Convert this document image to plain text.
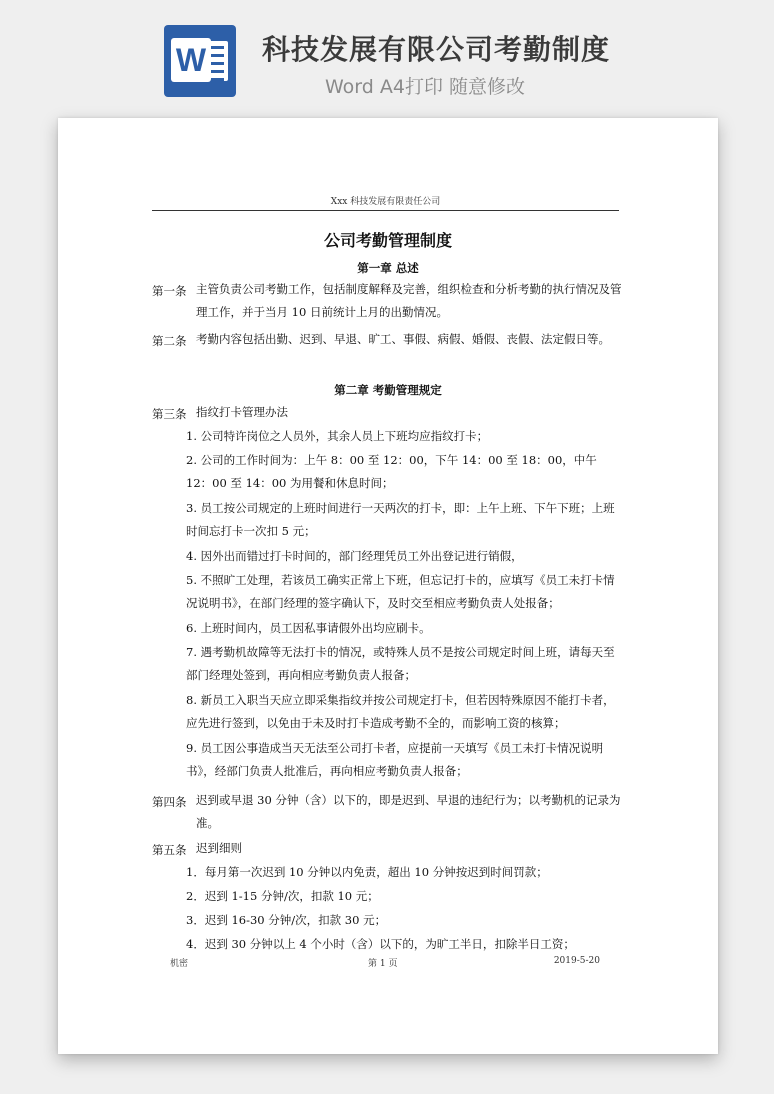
W 科技发展有限公司考勤制度
Word A4打印 随意修改

Xxx 科技发展有限责任公司
公司考勤管理制度
第一章 总述
第一条 主管负责公司考勤工作，包括制度解释及完善，组织检查和分析考勤的执行情况及管理工作，并于当月 10 日前统计上月的出勤情况。
第二条 考勤内容包括出勤、迟到、早退、旷工、事假、病假、婚假、丧假、法定假日等。
第二章 考勤管理规定
第三条 指纹打卡管理办法
1. 公司特许岗位之人员外，其余人员上下班均应指纹打卡；
2. 公司的工作时间为：上午 8：00 至 12：00，下午 14：00 至 18：00，中午 12：00 至 14：00 为用餐和休息时间；
3. 员工按公司规定的上班时间进行一天两次的打卡，即：上午上班、下午下班；上班时间忘打卡一次扣 5 元；
4. 因外出而错过打卡时间的，部门经理凭员工外出登记进行销假，
5. 不照旷工处理，若该员工确实正常上下班，但忘记打卡的，应填写《员工未打卡情况说明书》，在部门经理的签字确认下，及时交至相应考勤负责人处报备；
6. 上班时间内，员工因私事请假外出均应刷卡。
7. 遇考勤机故障等无法打卡的情况，或特殊人员不是按公司规定时间上班，请每天至部门经理处签到，再向相应考勤负责人报备；
8. 新员工入职当天应立即采集指纹并按公司规定打卡，但若因特殊原因不能打卡者，应先进行签到，以免由于未及时打卡造成考勤不全的，而影响工资的核算；
9. 员工因公事造成当天无法至公司打卡者，应提前一天填写《员工未打卡情况说明书》，经部门负责人批准后，再向相应考勤负责人报备；
第四条 迟到或早退 30 分钟（含）以下的，即是迟到、早退的违纪行为；以考勤机的记录为准。
第五条 迟到细则
1．每月第一次迟到 10 分钟以内免责，超出 10 分钟按迟到时间罚款；
2．迟到 1-15 分钟/次，扣款 10 元；
3．迟到 16-30 分钟/次，扣款 30 元；
4．迟到 30 分钟以上 4 个小时（含）以下的，为旷工半日，扣除半日工资；
机密	第 1 页	2019-5-20
